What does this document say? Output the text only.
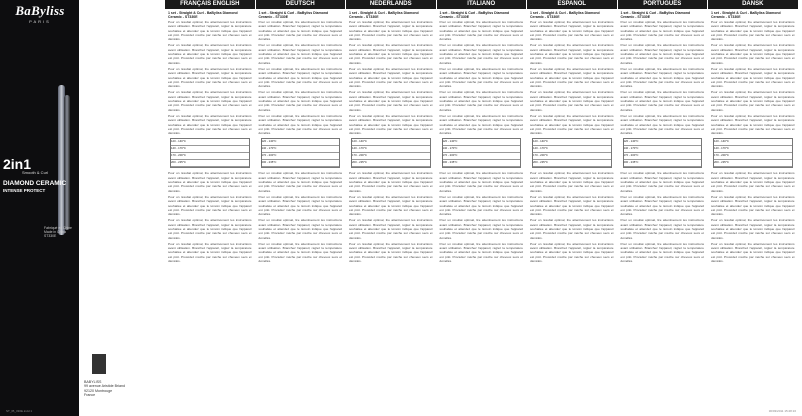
BaByliss
PARIS
2in1
Smooth & Curl
DIAMOND CERAMIC
INTENSE PROTECT
Fabriqué en Chine
Made in China
ST330E
BABYLISS
99 avenue Aristide Briand
92120 Montrouge
France
FRANÇAIS ENGLISH
1 set - Straight & Curl - BaByliss Diamond Ceramic - ST330E
Pour un résultat optimal, lire attentivement les instructions avant utilisation. Branchez l'appareil, réglez la température souhaitée et attendez que le témoin indique que l'appareil est prêt. Procédez mèche par mèche sur cheveux secs et démêlés.
Pour un résultat optimal, lire attentivement les instructions avant utilisation. Branchez l'appareil, réglez la température souhaitée et attendez que le témoin indique que l'appareil est prêt. Procédez mèche par mèche sur cheveux secs et démêlés.
Pour un résultat optimal, lire attentivement les instructions avant utilisation. Branchez l'appareil, réglez la température souhaitée et attendez que le témoin indique que l'appareil est prêt. Procédez mèche par mèche sur cheveux secs et démêlés.
Pour un résultat optimal, lire attentivement les instructions avant utilisation. Branchez l'appareil, réglez la température souhaitée et attendez que le témoin indique que l'appareil est prêt. Procédez mèche par mèche sur cheveux secs et démêlés.
Pour un résultat optimal, lire attentivement les instructions avant utilisation. Branchez l'appareil, réglez la température souhaitée et attendez que le témoin indique que l'appareil est prêt. Procédez mèche par mèche sur cheveux secs et démêlés.
120 - 140°C
140 - 170°C
170 - 200°C
200 - 235°C
Pour un résultat optimal, lire attentivement les instructions avant utilisation. Branchez l'appareil, réglez la température souhaitée et attendez que le témoin indique que l'appareil est prêt. Procédez mèche par mèche sur cheveux secs et démêlés.
Pour un résultat optimal, lire attentivement les instructions avant utilisation. Branchez l'appareil, réglez la température souhaitée et attendez que le témoin indique que l'appareil est prêt. Procédez mèche par mèche sur cheveux secs et démêlés.
Pour un résultat optimal, lire attentivement les instructions avant utilisation. Branchez l'appareil, réglez la température souhaitée et attendez que le témoin indique que l'appareil est prêt. Procédez mèche par mèche sur cheveux secs et démêlés.
Pour un résultat optimal, lire attentivement les instructions avant utilisation. Branchez l'appareil, réglez la température souhaitée et attendez que le témoin indique que l'appareil est prêt. Procédez mèche par mèche sur cheveux secs et démêlés.
DEUTSCH
1 set - Straight & Curl - BaByliss Diamond Ceramic - ST330E
Pour un résultat optimal, lire attentivement les instructions avant utilisation. Branchez l'appareil, réglez la température souhaitée et attendez que le témoin indique que l'appareil est prêt. Procédez mèche par mèche sur cheveux secs et démêlés.
Pour un résultat optimal, lire attentivement les instructions avant utilisation. Branchez l'appareil, réglez la température souhaitée et attendez que le témoin indique que l'appareil est prêt. Procédez mèche par mèche sur cheveux secs et démêlés.
Pour un résultat optimal, lire attentivement les instructions avant utilisation. Branchez l'appareil, réglez la température souhaitée et attendez que le témoin indique que l'appareil est prêt. Procédez mèche par mèche sur cheveux secs et démêlés.
Pour un résultat optimal, lire attentivement les instructions avant utilisation. Branchez l'appareil, réglez la température souhaitée et attendez que le témoin indique que l'appareil est prêt. Procédez mèche par mèche sur cheveux secs et démêlés.
Pour un résultat optimal, lire attentivement les instructions avant utilisation. Branchez l'appareil, réglez la température souhaitée et attendez que le témoin indique que l'appareil est prêt. Procédez mèche par mèche sur cheveux secs et démêlés.
120 - 140°C
140 - 170°C
170 - 200°C
200 - 235°C
Pour un résultat optimal, lire attentivement les instructions avant utilisation. Branchez l'appareil, réglez la température souhaitée et attendez que le témoin indique que l'appareil est prêt. Procédez mèche par mèche sur cheveux secs et démêlés.
Pour un résultat optimal, lire attentivement les instructions avant utilisation. Branchez l'appareil, réglez la température souhaitée et attendez que le témoin indique que l'appareil est prêt. Procédez mèche par mèche sur cheveux secs et démêlés.
Pour un résultat optimal, lire attentivement les instructions avant utilisation. Branchez l'appareil, réglez la température souhaitée et attendez que le témoin indique que l'appareil est prêt. Procédez mèche par mèche sur cheveux secs et démêlés.
Pour un résultat optimal, lire attentivement les instructions avant utilisation. Branchez l'appareil, réglez la température souhaitée et attendez que le témoin indique que l'appareil est prêt. Procédez mèche par mèche sur cheveux secs et démêlés.
NEDERLANDS
1 set - Straight & Curl - BaByliss Diamond Ceramic - ST330E
Pour un résultat optimal, lire attentivement les instructions avant utilisation. Branchez l'appareil, réglez la température souhaitée et attendez que le témoin indique que l'appareil est prêt. Procédez mèche par mèche sur cheveux secs et démêlés.
Pour un résultat optimal, lire attentivement les instructions avant utilisation. Branchez l'appareil, réglez la température souhaitée et attendez que le témoin indique que l'appareil est prêt. Procédez mèche par mèche sur cheveux secs et démêlés.
Pour un résultat optimal, lire attentivement les instructions avant utilisation. Branchez l'appareil, réglez la température souhaitée et attendez que le témoin indique que l'appareil est prêt. Procédez mèche par mèche sur cheveux secs et démêlés.
Pour un résultat optimal, lire attentivement les instructions avant utilisation. Branchez l'appareil, réglez la température souhaitée et attendez que le témoin indique que l'appareil est prêt. Procédez mèche par mèche sur cheveux secs et démêlés.
Pour un résultat optimal, lire attentivement les instructions avant utilisation. Branchez l'appareil, réglez la température souhaitée et attendez que le témoin indique que l'appareil est prêt. Procédez mèche par mèche sur cheveux secs et démêlés.
120 - 140°C
140 - 170°C
170 - 200°C
200 - 235°C
Pour un résultat optimal, lire attentivement les instructions avant utilisation. Branchez l'appareil, réglez la température souhaitée et attendez que le témoin indique que l'appareil est prêt. Procédez mèche par mèche sur cheveux secs et démêlés.
Pour un résultat optimal, lire attentivement les instructions avant utilisation. Branchez l'appareil, réglez la température souhaitée et attendez que le témoin indique que l'appareil est prêt. Procédez mèche par mèche sur cheveux secs et démêlés.
Pour un résultat optimal, lire attentivement les instructions avant utilisation. Branchez l'appareil, réglez la température souhaitée et attendez que le témoin indique que l'appareil est prêt. Procédez mèche par mèche sur cheveux secs et démêlés.
Pour un résultat optimal, lire attentivement les instructions avant utilisation. Branchez l'appareil, réglez la température souhaitée et attendez que le témoin indique que l'appareil est prêt. Procédez mèche par mèche sur cheveux secs et démêlés.
ITALIANO
1 set - Straight & Curl - BaByliss Diamond Ceramic - ST330E
Pour un résultat optimal, lire attentivement les instructions avant utilisation. Branchez l'appareil, réglez la température souhaitée et attendez que le témoin indique que l'appareil est prêt. Procédez mèche par mèche sur cheveux secs et démêlés.
Pour un résultat optimal, lire attentivement les instructions avant utilisation. Branchez l'appareil, réglez la température souhaitée et attendez que le témoin indique que l'appareil est prêt. Procédez mèche par mèche sur cheveux secs et démêlés.
Pour un résultat optimal, lire attentivement les instructions avant utilisation. Branchez l'appareil, réglez la température souhaitée et attendez que le témoin indique que l'appareil est prêt. Procédez mèche par mèche sur cheveux secs et démêlés.
Pour un résultat optimal, lire attentivement les instructions avant utilisation. Branchez l'appareil, réglez la température souhaitée et attendez que le témoin indique que l'appareil est prêt. Procédez mèche par mèche sur cheveux secs et démêlés.
Pour un résultat optimal, lire attentivement les instructions avant utilisation. Branchez l'appareil, réglez la température souhaitée et attendez que le témoin indique que l'appareil est prêt. Procédez mèche par mèche sur cheveux secs et démêlés.
120 - 140°C
140 - 170°C
170 - 200°C
200 - 235°C
Pour un résultat optimal, lire attentivement les instructions avant utilisation. Branchez l'appareil, réglez la température souhaitée et attendez que le témoin indique que l'appareil est prêt. Procédez mèche par mèche sur cheveux secs et démêlés.
Pour un résultat optimal, lire attentivement les instructions avant utilisation. Branchez l'appareil, réglez la température souhaitée et attendez que le témoin indique que l'appareil est prêt. Procédez mèche par mèche sur cheveux secs et démêlés.
Pour un résultat optimal, lire attentivement les instructions avant utilisation. Branchez l'appareil, réglez la température souhaitée et attendez que le témoin indique que l'appareil est prêt. Procédez mèche par mèche sur cheveux secs et démêlés.
Pour un résultat optimal, lire attentivement les instructions avant utilisation. Branchez l'appareil, réglez la température souhaitée et attendez que le témoin indique que l'appareil est prêt. Procédez mèche par mèche sur cheveux secs et démêlés.
ESPAÑOL
1 set - Straight & Curl - BaByliss Diamond Ceramic - ST330E
Pour un résultat optimal, lire attentivement les instructions avant utilisation. Branchez l'appareil, réglez la température souhaitée et attendez que le témoin indique que l'appareil est prêt. Procédez mèche par mèche sur cheveux secs et démêlés.
Pour un résultat optimal, lire attentivement les instructions avant utilisation. Branchez l'appareil, réglez la température souhaitée et attendez que le témoin indique que l'appareil est prêt. Procédez mèche par mèche sur cheveux secs et démêlés.
Pour un résultat optimal, lire attentivement les instructions avant utilisation. Branchez l'appareil, réglez la température souhaitée et attendez que le témoin indique que l'appareil est prêt. Procédez mèche par mèche sur cheveux secs et démêlés.
Pour un résultat optimal, lire attentivement les instructions avant utilisation. Branchez l'appareil, réglez la température souhaitée et attendez que le témoin indique que l'appareil est prêt. Procédez mèche par mèche sur cheveux secs et démêlés.
Pour un résultat optimal, lire attentivement les instructions avant utilisation. Branchez l'appareil, réglez la température souhaitée et attendez que le témoin indique que l'appareil est prêt. Procédez mèche par mèche sur cheveux secs et démêlés.
120 - 140°C
140 - 170°C
170 - 200°C
200 - 235°C
Pour un résultat optimal, lire attentivement les instructions avant utilisation. Branchez l'appareil, réglez la température souhaitée et attendez que le témoin indique que l'appareil est prêt. Procédez mèche par mèche sur cheveux secs et démêlés.
Pour un résultat optimal, lire attentivement les instructions avant utilisation. Branchez l'appareil, réglez la température souhaitée et attendez que le témoin indique que l'appareil est prêt. Procédez mèche par mèche sur cheveux secs et démêlés.
Pour un résultat optimal, lire attentivement les instructions avant utilisation. Branchez l'appareil, réglez la température souhaitée et attendez que le témoin indique que l'appareil est prêt. Procédez mèche par mèche sur cheveux secs et démêlés.
Pour un résultat optimal, lire attentivement les instructions avant utilisation. Branchez l'appareil, réglez la température souhaitée et attendez que le témoin indique que l'appareil est prêt. Procédez mèche par mèche sur cheveux secs et démêlés.
PORTUGUÊS
1 set - Straight & Curl - BaByliss Diamond Ceramic - ST330E
Pour un résultat optimal, lire attentivement les instructions avant utilisation. Branchez l'appareil, réglez la température souhaitée et attendez que le témoin indique que l'appareil est prêt. Procédez mèche par mèche sur cheveux secs et démêlés.
Pour un résultat optimal, lire attentivement les instructions avant utilisation. Branchez l'appareil, réglez la température souhaitée et attendez que le témoin indique que l'appareil est prêt. Procédez mèche par mèche sur cheveux secs et démêlés.
Pour un résultat optimal, lire attentivement les instructions avant utilisation. Branchez l'appareil, réglez la température souhaitée et attendez que le témoin indique que l'appareil est prêt. Procédez mèche par mèche sur cheveux secs et démêlés.
Pour un résultat optimal, lire attentivement les instructions avant utilisation. Branchez l'appareil, réglez la température souhaitée et attendez que le témoin indique que l'appareil est prêt. Procédez mèche par mèche sur cheveux secs et démêlés.
Pour un résultat optimal, lire attentivement les instructions avant utilisation. Branchez l'appareil, réglez la température souhaitée et attendez que le témoin indique que l'appareil est prêt. Procédez mèche par mèche sur cheveux secs et démêlés.
120 - 140°C
140 - 170°C
170 - 200°C
200 - 235°C
Pour un résultat optimal, lire attentivement les instructions avant utilisation. Branchez l'appareil, réglez la température souhaitée et attendez que le témoin indique que l'appareil est prêt. Procédez mèche par mèche sur cheveux secs et démêlés.
Pour un résultat optimal, lire attentivement les instructions avant utilisation. Branchez l'appareil, réglez la température souhaitée et attendez que le témoin indique que l'appareil est prêt. Procédez mèche par mèche sur cheveux secs et démêlés.
Pour un résultat optimal, lire attentivement les instructions avant utilisation. Branchez l'appareil, réglez la température souhaitée et attendez que le témoin indique que l'appareil est prêt. Procédez mèche par mèche sur cheveux secs et démêlés.
Pour un résultat optimal, lire attentivement les instructions avant utilisation. Branchez l'appareil, réglez la température souhaitée et attendez que le témoin indique que l'appareil est prêt. Procédez mèche par mèche sur cheveux secs et démêlés.
DANSK
1 set - Straight & Curl - BaByliss Diamond Ceramic - ST330E
Pour un résultat optimal, lire attentivement les instructions avant utilisation. Branchez l'appareil, réglez la température souhaitée et attendez que le témoin indique que l'appareil est prêt. Procédez mèche par mèche sur cheveux secs et démêlés.
Pour un résultat optimal, lire attentivement les instructions avant utilisation. Branchez l'appareil, réglez la température souhaitée et attendez que le témoin indique que l'appareil est prêt. Procédez mèche par mèche sur cheveux secs et démêlés.
Pour un résultat optimal, lire attentivement les instructions avant utilisation. Branchez l'appareil, réglez la température souhaitée et attendez que le témoin indique que l'appareil est prêt. Procédez mèche par mèche sur cheveux secs et démêlés.
Pour un résultat optimal, lire attentivement les instructions avant utilisation. Branchez l'appareil, réglez la température souhaitée et attendez que le témoin indique que l'appareil est prêt. Procédez mèche par mèche sur cheveux secs et démêlés.
Pour un résultat optimal, lire attentivement les instructions avant utilisation. Branchez l'appareil, réglez la température souhaitée et attendez que le témoin indique que l'appareil est prêt. Procédez mèche par mèche sur cheveux secs et démêlés.
120 - 140°C
140 - 170°C
170 - 200°C
200 - 235°C
Pour un résultat optimal, lire attentivement les instructions avant utilisation. Branchez l'appareil, réglez la température souhaitée et attendez que le témoin indique que l'appareil est prêt. Procédez mèche par mèche sur cheveux secs et démêlés.
Pour un résultat optimal, lire attentivement les instructions avant utilisation. Branchez l'appareil, réglez la température souhaitée et attendez que le témoin indique que l'appareil est prêt. Procédez mèche par mèche sur cheveux secs et démêlés.
Pour un résultat optimal, lire attentivement les instructions avant utilisation. Branchez l'appareil, réglez la température souhaitée et attendez que le témoin indique que l'appareil est prêt. Procédez mèche par mèche sur cheveux secs et démêlés.
Pour un résultat optimal, lire attentivement les instructions avant utilisation. Branchez l'appareil, réglez la température souhaitée et attendez que le témoin indique que l'appareil est prêt. Procédez mèche par mèche sur cheveux secs et démêlés.
ST_IB_330E.indd 1	30/03/2011 15:28:16
